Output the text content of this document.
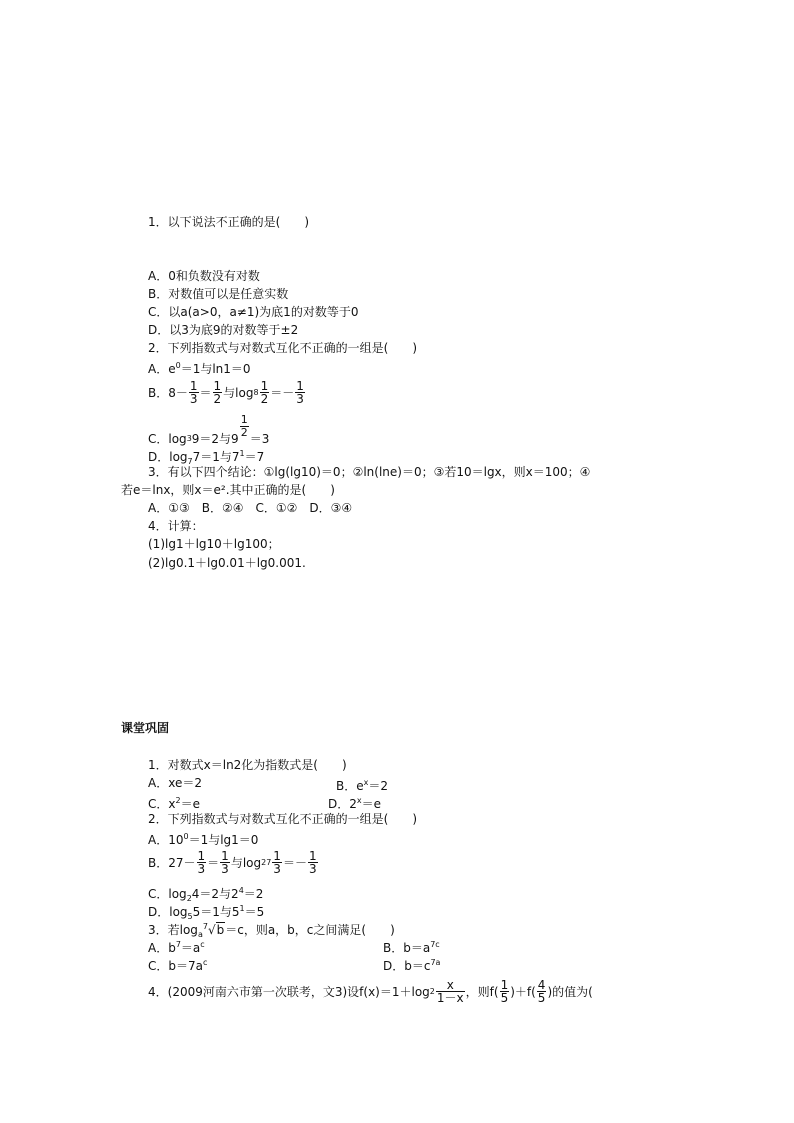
1．以下说法不正确的是(　　)
A．0和负数没有对数
B．对数值可以是任意实数
C．以a(a>0，a≠1)为底1的对数等于0
D．以3为底9的对数等于±2
2．下列指数式与对数式互化不正确的一组是(　　)
A．$e^0=1$与ln1＝0
B．$8- \frac{1}{3} = \frac{1}{2}$ 与$\log 8 \frac{1}{2} =- \frac{1}{3}$
C．log39＝2与$9 \frac{1}{2} =3$
D．$\log_77=1$与$7^1=7$
3．有以下四个结论：①lg(lg10)＝0；②ln(lne)＝0；③若10＝lgx，则x＝100；④
若e＝lnx，则x＝e².其中正确的是(　　)
A．①③　B．②④　C．①②　D．③④
4．计算：
(1)lg1＋lg10＋lg100；
(2)lg0.1＋lg0.01＋lg0.001.
课堂巩固
1．对数式x＝ln2化为指数式是(　　)
A．xe＝2	B．$e^x=2$
C．$x^2=e$	D．$2^x=e$
2．下列指数式与对数式互化不正确的一组是(　　)
A．$10^0=1$与lg1＝0
B．$27- \frac{1}{3} = \frac{1}{3}$ 与$\log 27 \frac{1}{3} =- \frac{1}{3}$
C．$\log_24=2$与$2^4=2$
D．$\log_55=1$与$5^1=5$
3．若$\log_a^7√b=c$，则a，b，c之间满足(　　)
A．$b^7=a^c$	B．$b=a^{7c}$
C．$b=7a^c$	D．$b=c^{7a}$
4．(2009河南六市第一次联考，文3)设$f(x)=1+\log 2 \frac{x}{1-x}$ ，则$f( \frac{1}{5} )+f( \frac{4}{5}$ )的值为(
